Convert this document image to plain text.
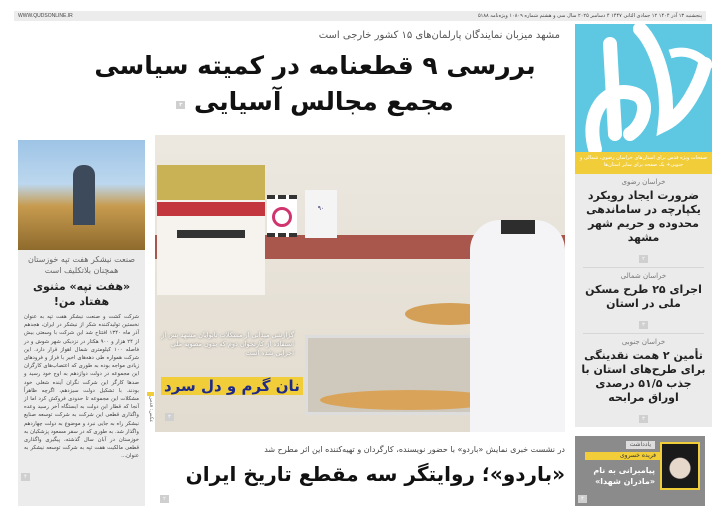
WWW.QUDSONLINE.IR	پنجشنبه ۱۳ آذر ۱۴۰۴ ۱۲ جمادی الثانی ۱۴۴۷ ۴ دسامبر ۲۰۲۵ سال سی و هشتم شماره ۱۰۸۰۹ ویژه‌نامه ۵۱۸۸
صفحات ویژه قدس برای استان‌های خراسان رضوی، شمالی و جنوبی+ یک صفحه برای سایر استان‌ها
خراسان رضوی
ضرورت ایجاد رویکرد یکپارچه در ساماندهی محدوده و حریم شهر مشهد
۲
خراسان شمالی
اجرای ۲۵ طرح مسکن ملی در استان
۳
خراسان جنوبی
تأمین ۲ همت نقدینگی برای طرح‌های استان با جذب ۵۱/۵ درصدی اوراق مرابحه
۳
مشهد میزبان نمایندگان پارلمان‌های ۱۵ کشور خارجی است
بررسی ۹ قطعنامه در کمیته سیاسی
مجمع مجالس آسیایی ۳
۹۰
گزارشی میدانی از مشکلات نانوایان مشهد پس از استفاده از کارتخوان دوم که بدون مصوبه ملی اجرایی شده است
نان گرم و دل سرد
۲
عکس: قدس
صنعت نیشکر هفت تپه خوزستان همچنان بلاتکلیف است
«هفت تپه» مثنوی هفتاد من!
شرکت کشت و صنعت نیشکر هفت تپه به عنوان نخستین تولیدکننده شکر از نیشکر در ایران، هجدهم آذر ماه ۱۳۴۰ افتتاح شد این شرکت با وسعتی بیش از ۲۴ هزار و ۹۰۰ هکتار در نزدیکی شهر شوش و در فاصله ۱۰۰ کیلومتری شمال اهواز قرار دارد. این شرکت همواره طی دهه‌های اخیر با فراز و فرودهای زیادی مواجه بوده به طوری که اعتصاب‌های کارگران این مجموعه در دولت دوازدهم به اوج خود رسید و صدها کارگر این شرکت نگران آینده شغلی خود بودند. با تشکیل دولت سیزدهم، اگرچه ظاهراً مشکلات این مجموعه تا حدودی فروکش کرد اما از آنجا که قطار این دولت به ایستگاه آخر رسید وعده واگذاری قطعی این شرکت به شرکت توسعه صنایع نیشکر راه به جایی نبرد و موضوع به دولت چهاردهم واگذار شد. به طوری که در سفر مسعود پزشکیان به خوزستان در آبان سال گذشته، پیگیری واگذاری قطعی مالکیت هفت تپه به شرکت توسعه نیشکر به عنوان...
۴
در نشست خبری نمایش «باردو» با حضور نویسنده، کارگردان و تهیه‌کننده این اثر مطرح شد
«باردو»؛ روایتگر سه مقطع تاریخ ایران
۲
یادداشت
فریده خسروی
پیامبرانی به نام «مادران شهدا»
۴
